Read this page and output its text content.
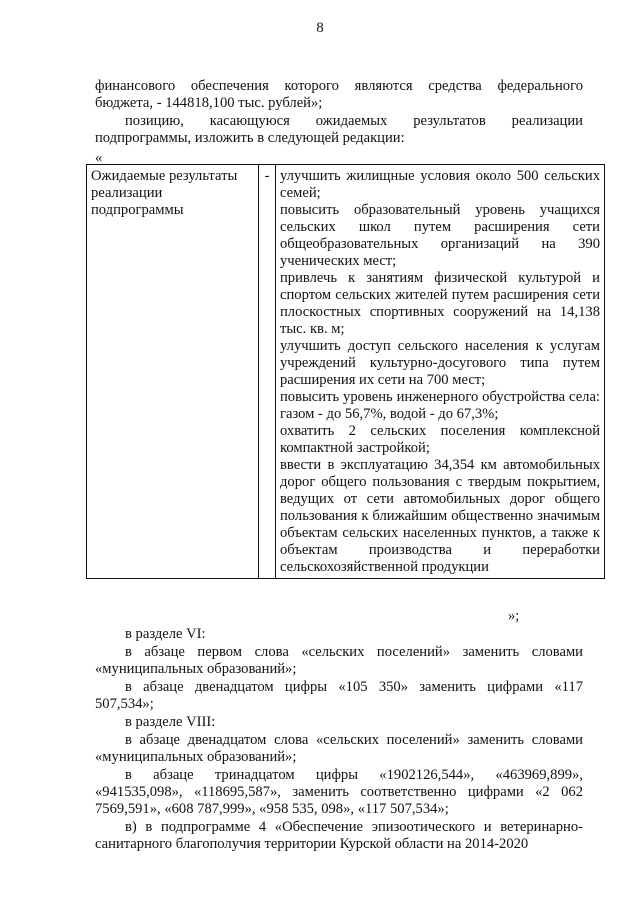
8
финансового обеспечения которого являются средства федерального бюджета, - 144818,100 тыс. рублей»;
позицию, касающуюся ожидаемых результатов реализации подпрограммы, изложить в следующей редакции:
«
Ожидаемые результаты реализации подпрограммы	-	улучшить жилищные условия около 500 сельских семей;

повысить образовательный уровень учащихся сельских школ путем расширения сети общеобразовательных организаций на 390 ученических мест;

привлечь к занятиям физической культурой и спортом сельских жителей путем расширения сети плоскостных спортивных сооружений на 14,138 тыс. кв. м;

улучшить доступ сельского населения к услугам учреждений культурно-досугового типа путем расширения их сети на 700 мест;

повысить уровень инженерного обустройства села: газом - до 56,7%, водой - до 67,3%;

охватить 2 сельских поселения комплексной компактной застройкой;

ввести в эксплуатацию 34,354 км автомобильных дорог общего пользования с твердым покрытием, ведущих от сети автомобильных дорог общего пользования к ближайшим общественно значимым объектам сельских населенных пунктов, а также к объектам производства и переработки сельскохозяйственной продукции

»;
в разделе VI:
в абзаце первом слова «сельских поселений» заменить словами «муниципальных образований»;
в абзаце двенадцатом цифры «105 350» заменить цифрами «117 507,534»;
в разделе VIII:
в абзаце двенадцатом слова «сельских поселений» заменить словами «муниципальных образований»;
в абзаце тринадцатом цифры «1902126,544», «463969,899», «941535,098», «118695,587», заменить соответственно цифрами «2 062 7569,591», «608 787,999», «958 535, 098», «117 507,534»;
в) в подпрограмме 4 «Обеспечение эпизоотического и ветеринарно-санитарного благополучия территории Курской области на 2014-2020
